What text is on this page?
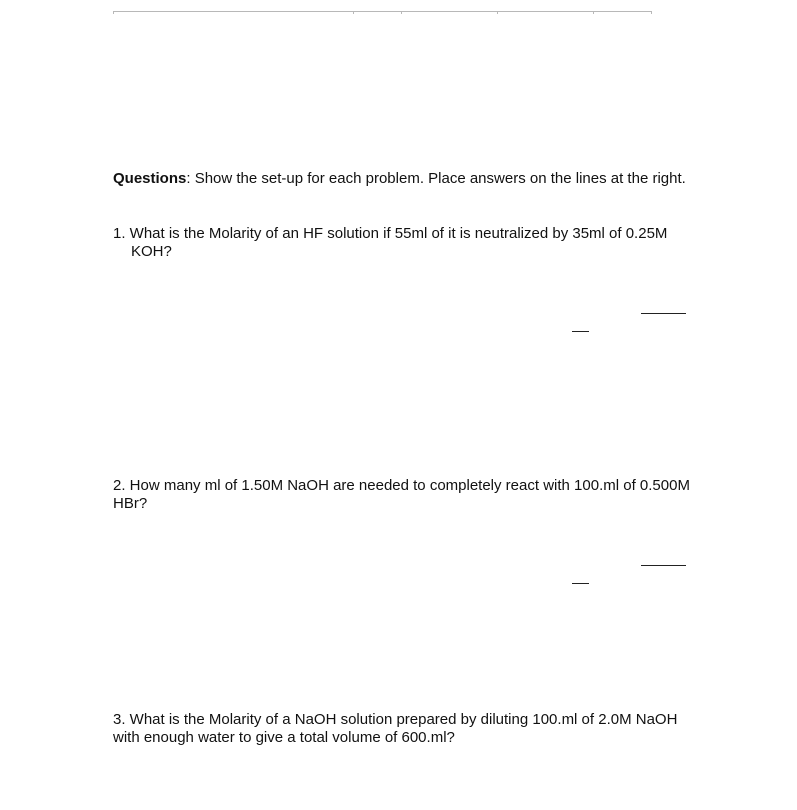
Questions: Show the set-up for each problem. Place answers on the lines at the right.
1. What is the Molarity of an HF solution if 55ml of it is neutralized by 35ml of 0.25M
KOH?
2. How many ml of 1.50M NaOH are needed to completely react with 100.ml of 0.500M HBr?
3. What is the Molarity of a NaOH solution prepared by diluting 100.ml of 2.0M NaOH with enough water to give a total volume of 600.ml?
